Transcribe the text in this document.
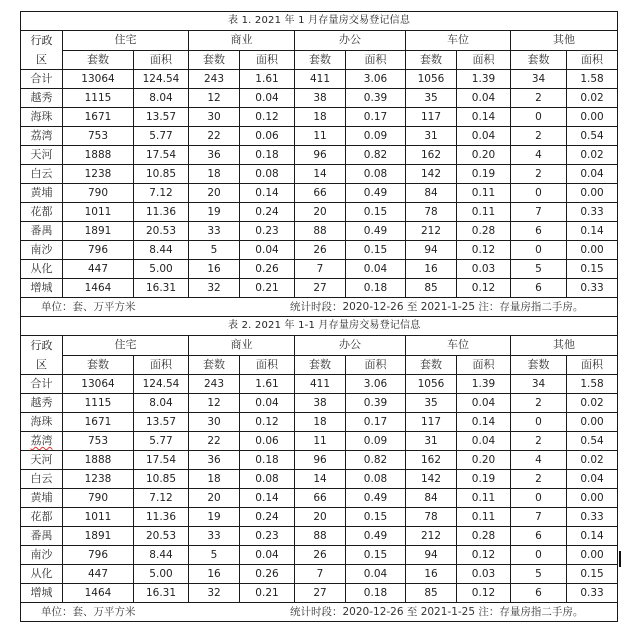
表 1. 2021 年 1 月存量房交易登记信息										
行政
区	住宅		商业		办公		车位		其他	
	套数	面积	套数	面积	套数	面积	套数	面积	套数	面积
合计	13064	124.54	243	1.61	411	3.06	1056	1.39	34	1.58
越秀	1115	8.04	12	0.04	38	0.39	35	0.04	2	0.02
海珠	1671	13.57	30	0.12	18	0.17	117	0.14	0	0.00
荔湾	753	5.77	22	0.06	11	0.09	31	0.04	2	0.54
天河	1888	17.54	36	0.18	96	0.82	162	0.20	4	0.02
白云	1238	10.85	18	0.08	14	0.08	142	0.19	2	0.04
黄埔	790	7.12	20	0.14	66	0.49	84	0.11	0	0.00
花都	1011	11.36	19	0.24	20	0.15	78	0.11	7	0.33
番禺	1891	20.53	33	0.23	88	0.49	212	0.28	6	0.14
南沙	796	8.44	5	0.04	26	0.15	94	0.12	0	0.00
从化	447	5.00	16	0.26	7	0.04	16	0.03	5	0.15
增城	1464	16.31	32	0.21	27	0.18	85	0.12	6	0.33
单位：套、万平方米 统计时段：2020-12-26 至 2021-1-25 注：存量房指二手房。										
表 2. 2021 年 1-1 月存量房交易登记信息										
行政
区	住宅		商业		办公		车位		其他	
	套数	面积	套数	面积	套数	面积	套数	面积	套数	面积
合计	13064	124.54	243	1.61	411	3.06	1056	1.39	34	1.58
越秀	1115	8.04	12	0.04	38	0.39	35	0.04	2	0.02
海珠	1671	13.57	30	0.12	18	0.17	117	0.14	0	0.00
荔湾	753	5.77	22	0.06	11	0.09	31	0.04	2	0.54
天河	1888	17.54	36	0.18	96	0.82	162	0.20	4	0.02
白云	1238	10.85	18	0.08	14	0.08	142	0.19	2	0.04
黄埔	790	7.12	20	0.14	66	0.49	84	0.11	0	0.00
花都	1011	11.36	19	0.24	20	0.15	78	0.11	7	0.33
番禺	1891	20.53	33	0.23	88	0.49	212	0.28	6	0.14
南沙	796	8.44	5	0.04	26	0.15	94	0.12	0	0.00
从化	447	5.00	16	0.26	7	0.04	16	0.03	5	0.15
增城	1464	16.31	32	0.21	27	0.18	85	0.12	6	0.33
单位：套、万平方米 统计时段：2020-12-26 至 2021-1-25 注：存量房指二手房。										
